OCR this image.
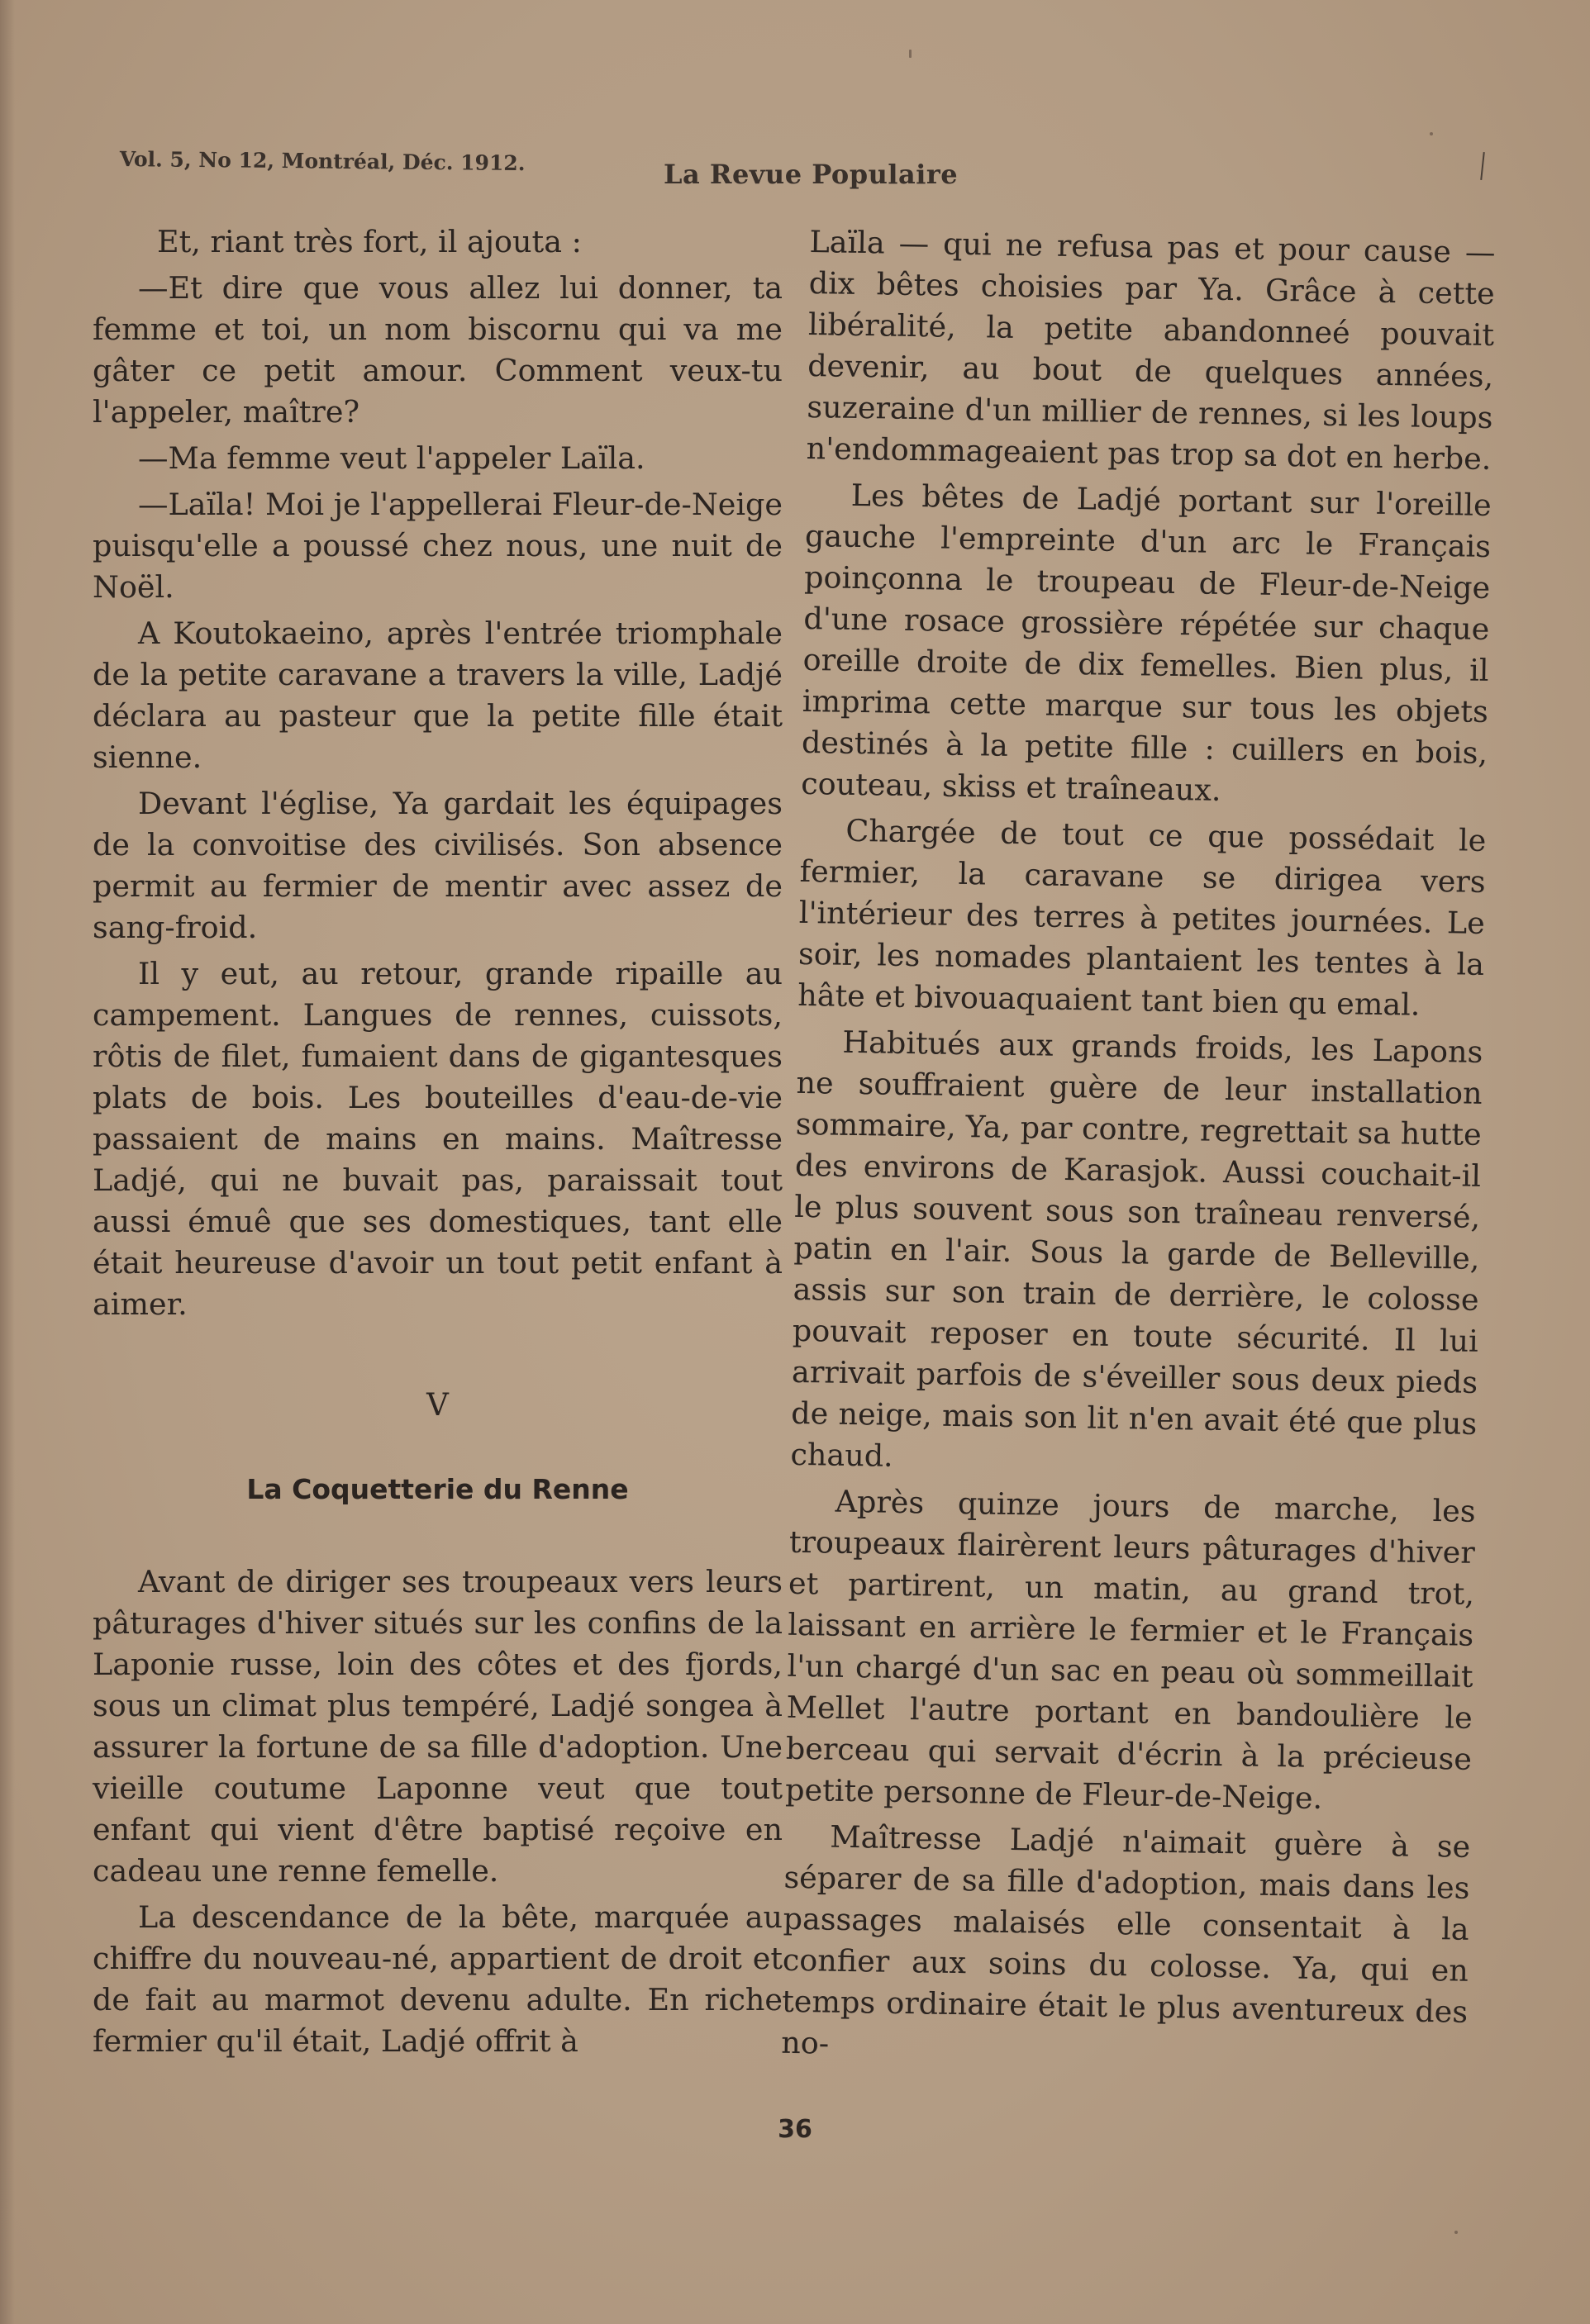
Vol. 5, No 12, Montréal, Déc. 1912.	La Revue Populaire

Et, riant très fort, il ajouta :

—Et dire que vous allez lui donner, ta femme et toi, un nom biscornu qui va me gâter ce petit amour. Comment veux-tu l'appeler, maître?

—Ma femme veut l'appeler Laïla.

—Laïla! Moi je l'appellerai Fleur-de-Neige puisqu'elle a poussé chez nous, une nuit de Noël.

A Koutokaeino, après l'entrée triomphale de la petite caravane a travers la ville, Ladjé déclara au pasteur que la petite fille était sienne.

Devant l'église, Ya gardait les équipages de la convoitise des civilisés. Son absence permit au fermier de mentir avec assez de sang-froid.

Il y eut, au retour, grande ripaille au campement. Langues de rennes, cuissots, rôtis de filet, fumaient dans de gigantesques plats de bois. Les bouteilles d'eau-de-vie passaient de mains en mains. Maîtresse Ladjé, qui ne buvait pas, paraissait tout aussi émuê que ses domestiques, tant elle était heureuse d'avoir un tout petit enfant à aimer.

V
La Coquetterie du Renne

Avant de diriger ses troupeaux vers leurs pâturages d'hiver situés sur les confins de la Laponie russe, loin des côtes et des fjords, sous un climat plus tempéré, Ladjé songea à assurer la fortune de sa fille d'adoption. Une vieille coutume Laponne veut que tout enfant qui vient d'être baptisé reçoive en cadeau une renne femelle.

La descendance de la bête, marquée au chiffre du nouveau-né, appartient de droit et de fait au marmot devenu adulte. En riche fermier qu'il était, Ladjé offrit à

Laïla — qui ne refusa pas et pour cause — dix bêtes choisies par Ya. Grâce à cette libéralité, la petite abandonneé pouvait devenir, au bout de quelques années, suzeraine d'un millier de rennes, si les loups n'endommageaient pas trop sa dot en herbe.

Les bêtes de Ladjé portant sur l'oreille gauche l'empreinte d'un arc le Français poinçonna le troupeau de Fleur-de-Neige d'une rosace grossière répétée sur chaque oreille droite de dix femelles. Bien plus, il imprima cette marque sur tous les objets destinés à la petite fille : cuillers en bois, couteau, skiss et traîneaux.

Chargée de tout ce que possédait le fermier, la caravane se dirigea vers l'intérieur des terres à petites journées. Le soir, les nomades plantaient les tentes à la hâte et bivouaquaient tant bien qu emal.

Habitués aux grands froids, les Lapons ne souffraient guère de leur installation sommaire, Ya, par contre, regrettait sa hutte des environs de Karasjok. Aussi couchait-il le plus souvent sous son traîneau renversé, patin en l'air. Sous la garde de Belleville, assis sur son train de derrière, le colosse pouvait reposer en toute sécurité. Il lui arrivait parfois de s'éveiller sous deux pieds de neige, mais son lit n'en avait été que plus chaud.

Après quinze jours de marche, les troupeaux flairèrent leurs pâturages d'hiver et partirent, un matin, au grand trot, laissant en arrière le fermier et le Français l'un chargé d'un sac en peau où sommeillait Mellet l'autre portant en bandoulière le berceau qui servait d'écrin à la précieuse petite personne de Fleur-de-Neige.

Maîtresse Ladjé n'aimait guère à se séparer de sa fille d'adoption, mais dans les passages malaisés elle consentait à la confier aux soins du colosse. Ya, qui en temps ordinaire était le plus aventureux des no-

36
